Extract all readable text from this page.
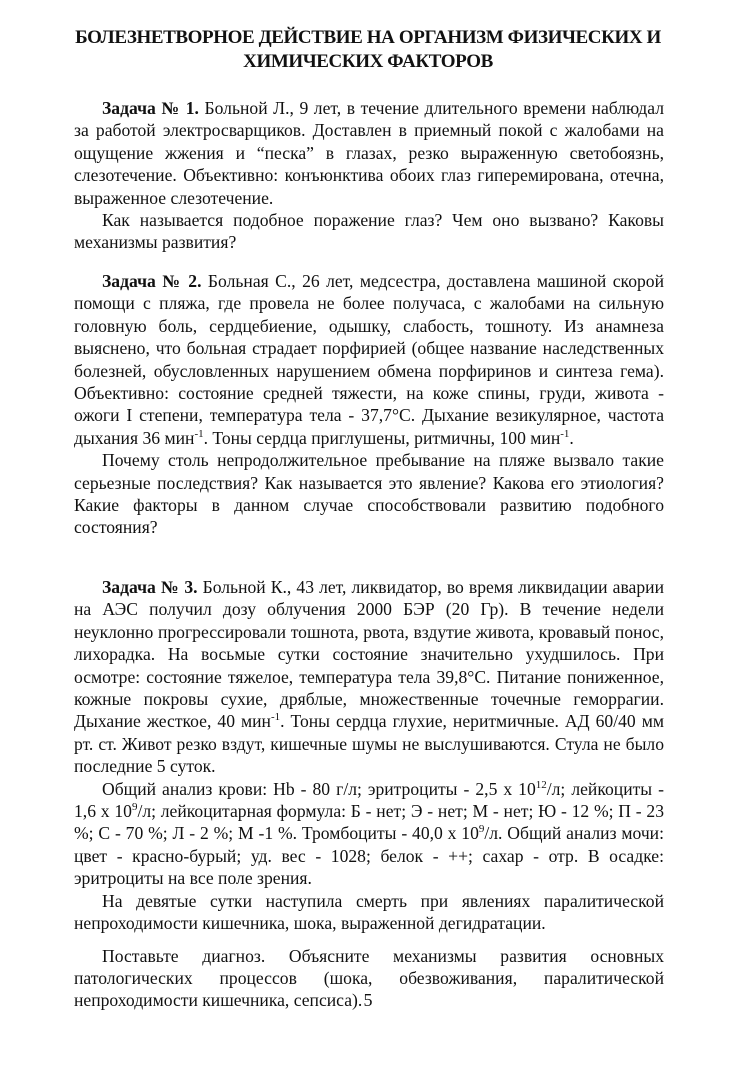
БОЛЕЗНЕТВОРНОЕ ДЕЙСТВИЕ НА ОРГАНИЗМ ФИЗИЧЕСКИХ И
ХИМИЧЕСКИХ ФАКТОРОВ

Задача № 1. Больной Л., 9 лет, в течение длительного времени наблюдал за работой электросварщиков. Доставлен в приемный покой с жалобами на ощущение жжения и “песка” в глазах, резко выраженную светобоязнь, слезотечение. Объективно: конъюнктива обоих глаз гиперемирована, отечна, выраженное слезотечение.

Как называется подобное поражение глаз? Чем оно вызвано? Каковы механизмы развития?

Задача № 2. Больная С., 26 лет, медсестра, доставлена машиной скорой помощи с пляжа, где провела не более получаса, с жалобами на сильную головную боль, сердцебиение, одышку, слабость, тошноту. Из анамнеза выяснено, что больная страдает порфирией (общее название наследственных болезней, обусловленных нарушением обмена порфиринов и синтеза гема). Объективно: состояние средней тяжести, на коже спины, груди, живота - ожоги I степени, температура тела - 37,7°С. Дыхание везикулярное, частота дыхания 36 мин$^{-1}$. Тоны сердца приглушены, ритмичны, 100 мин$^{-1}$.

Почему столь непродолжительное пребывание на пляже вызвало такие серьезные последствия? Как называется это явление? Какова его этиология? Какие факторы в данном случае способствовали развитию подобного состояния?

Задача № 3. Больной К., 43 лет, ликвидатор, во время ликвидации аварии на АЭС получил дозу облучения 2000 БЭР (20 Гр). В течение недели неуклонно прогрессировали тошнота, рвота, вздутие живота, кровавый понос, лихорадка. На восьмые сутки состояние значительно ухудшилось. При осмотре: состояние тяжелое, температура тела 39,8°С. Питание пониженное, кожные покровы сухие, дряблые, множественные точечные геморрагии. Дыхание жесткое, 40 мин$^{-1}$. Тоны сердца глухие, неритмичные. АД 60/40 мм рт. ст. Живот резко вздут, кишечные шумы не выслушиваются. Стула не было последние 5 суток.

Общий анализ крови: Hb - 80 г/л; эритроциты - 2,5 х $10^{12}/л$; лейкоциты - 1,6 х $10^9/л$; лейкоцитарная формула: Б - нет; Э - нет; М - нет; Ю - 12 %; П - 23 %; С - 70 %; Л - 2 %; М -1 %. Тромбоциты - 40,0 х $10^9/л$. Общий анализ мочи: цвет - красно-бурый; уд. вес - 1028; белок - ++; сахар - отр. В осадке: эритроциты на все поле зрения.

На девятые сутки наступила смерть при явлениях паралитической непроходимости кишечника, шока, выраженной дегидратации.

Поставьте диагноз. Объясните механизмы развития основных патологических процессов (шока, обезвоживания, паралитической непроходимости кишечника, сепсиса). 5
